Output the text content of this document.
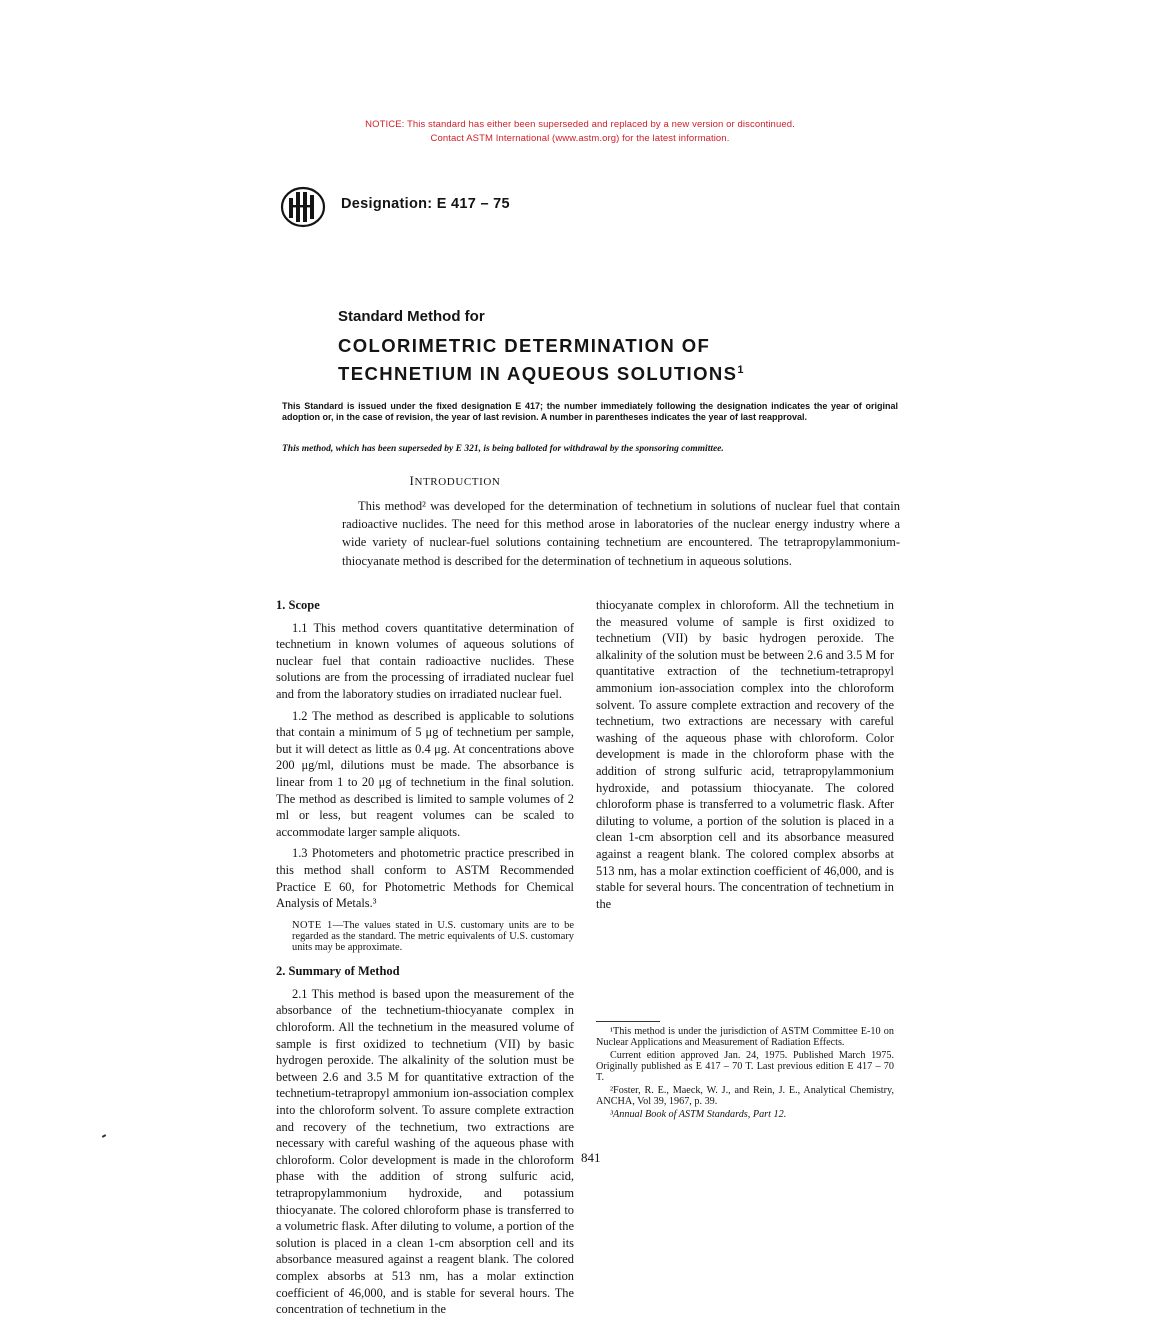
NOTICE: This standard has either been superseded and replaced by a new version or discontinued.
Contact ASTM International (www.astm.org) for the latest information.
Designation: E 417 – 75
Standard Method for
COLORIMETRIC DETERMINATION OF
TECHNETIUM IN AQUEOUS SOLUTIONS$^1$
This Standard is issued under the fixed designation E 417; the number immediately following the designation indicates the year of original adoption or, in the case of revision, the year of last revision. A number in parentheses indicates the year of last reapproval.
This method, which has been superseded by E 321, is being balloted for withdrawal by the sponsoring committee.
INTRODUCTION

This method² was developed for the determination of technetium in solutions of nuclear fuel that contain radioactive nuclides. The need for this method arose in laboratories of the nuclear energy industry where a wide variety of nuclear-fuel solutions containing technetium are encountered. The tetrapropylammonium-thiocyanate method is described for the determination of technetium in aqueous solutions.

1. Scope

1.1 This method covers quantitative determination of technetium in known volumes of aqueous solutions of nuclear fuel that contain radioactive nuclides. These solutions are from the processing of irradiated nuclear fuel and from the laboratory studies on irradiated nuclear fuel.

1.2 The method as described is applicable to solutions that contain a minimum of 5 μg of technetium per sample, but it will detect as little as 0.4 μg. At concentrations above 200 μg/ml, dilutions must be made. The absorbance is linear from 1 to 20 μg of technetium in the final solution. The method as described is limited to sample volumes of 2 ml or less, but reagent volumes can be scaled to accommodate larger sample aliquots.

1.3 Photometers and photometric practice prescribed in this method shall conform to ASTM Recommended Practice E 60, for Photometric Methods for Chemical Analysis of Metals.³

NOTE 1—The values stated in U.S. customary units are to be regarded as the standard. The metric equivalents of U.S. customary units may be approximate.
2. Summary of Method

2.1 This method is based upon the measurement of the absorbance of the technetium-thiocyanate complex in chloroform. All the technetium in the measured volume of sample is first oxidized to technetium (VII) by basic hydrogen peroxide. The alkalinity of the solution must be between 2.6 and 3.5 M for quantitative extraction of the technetium-tetrapropyl ammonium ion-association complex into the chloroform solvent. To assure complete extraction and recovery of the technetium, two extractions are necessary with careful washing of the aqueous phase with chloroform. Color development is made in the chloroform phase with the addition of strong sulfuric acid, tetrapropylammonium hydroxide, and potassium thiocyanate. The colored chloroform phase is transferred to a volumetric flask. After diluting to volume, a portion of the solution is placed in a clean 1-cm absorption cell and its absorbance measured against a reagent blank. The colored complex absorbs at 513 nm, has a molar extinction coefficient of 46,000, and is stable for several hours. The concentration of technetium in the

thiocyanate complex in chloroform. All the technetium in the measured volume of sample is first oxidized to technetium (VII) by basic hydrogen peroxide. The alkalinity of the solution must be between 2.6 and 3.5 M for quantitative extraction of the technetium-tetrapropyl ammonium ion-association complex into the chloroform solvent. To assure complete extraction and recovery of the technetium, two extractions are necessary with careful washing of the aqueous phase with chloroform. Color development is made in the chloroform phase with the addition of strong sulfuric acid, tetrapropylammonium hydroxide, and potassium thiocyanate. The colored chloroform phase is transferred to a volumetric flask. After diluting to volume, a portion of the solution is placed in a clean 1-cm absorption cell and its absorbance measured against a reagent blank. The colored complex absorbs at 513 nm, has a molar extinction coefficient of 46,000, and is stable for several hours. The concentration of technetium in the

¹This method is under the jurisdiction of ASTM Committee E-10 on Nuclear Applications and Measurement of Radiation Effects.

Current edition approved Jan. 24, 1975. Published March 1975. Originally published as E 417 – 70 T. Last previous edition E 417 – 70 T.

²Foster, R. E., Maeck, W. J., and Rein, J. E., Analytical Chemistry, ANCHA, Vol 39, 1967, p. 39.

³Annual Book of ASTM Standards, Part 12.

841
